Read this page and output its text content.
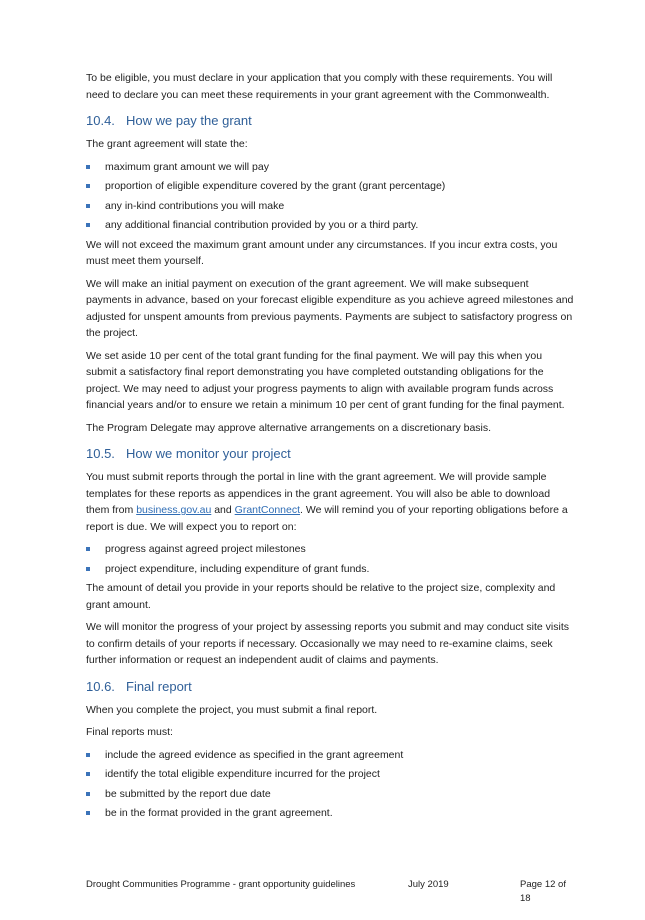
To be eligible, you must declare in your application that you comply with these requirements. You will need to declare you can meet these requirements in your grant agreement with the Commonwealth.

10.4. How we pay the grant

The grant agreement will state the:

maximum grant amount we will pay
proportion of eligible expenditure covered by the grant (grant percentage)
any in-kind contributions you will make
any additional financial contribution provided by you or a third party.

We will not exceed the maximum grant amount under any circumstances. If you incur extra costs, you must meet them yourself.

We will make an initial payment on execution of the grant agreement. We will make subsequent payments in advance, based on your forecast eligible expenditure as you achieve agreed milestones and adjusted for unspent amounts from previous payments. Payments are subject to satisfactory progress on the project.

We set aside 10 per cent of the total grant funding for the final payment. We will pay this when you submit a satisfactory final report demonstrating you have completed outstanding obligations for the project. We may need to adjust your progress payments to align with available program funds across financial years and/or to ensure we retain a minimum 10 per cent of grant funding for the final payment.

The Program Delegate may approve alternative arrangements on a discretionary basis.

10.5. How we monitor your project

You must submit reports through the portal in line with the grant agreement. We will provide sample templates for these reports as appendices in the grant agreement. You will also be able to download them from business.gov.au and GrantConnect. We will remind you of your reporting obligations before a report is due. We will expect you to report on:

progress against agreed project milestones
project expenditure, including expenditure of grant funds.

The amount of detail you provide in your reports should be relative to the project size, complexity and grant amount.

We will monitor the progress of your project by assessing reports you submit and may conduct site visits to confirm details of your reports if necessary. Occasionally we may need to re-examine claims, seek further information or request an independent audit of claims and payments.

10.6. Final report

When you complete the project, you must submit a final report.

Final reports must:

include the agreed evidence as specified in the grant agreement
identify the total eligible expenditure incurred for the project
be submitted by the report due date
be in the format provided in the grant agreement.
Drought Communities Programme - grant opportunity guidelines	July 2019	Page 12 of 18
